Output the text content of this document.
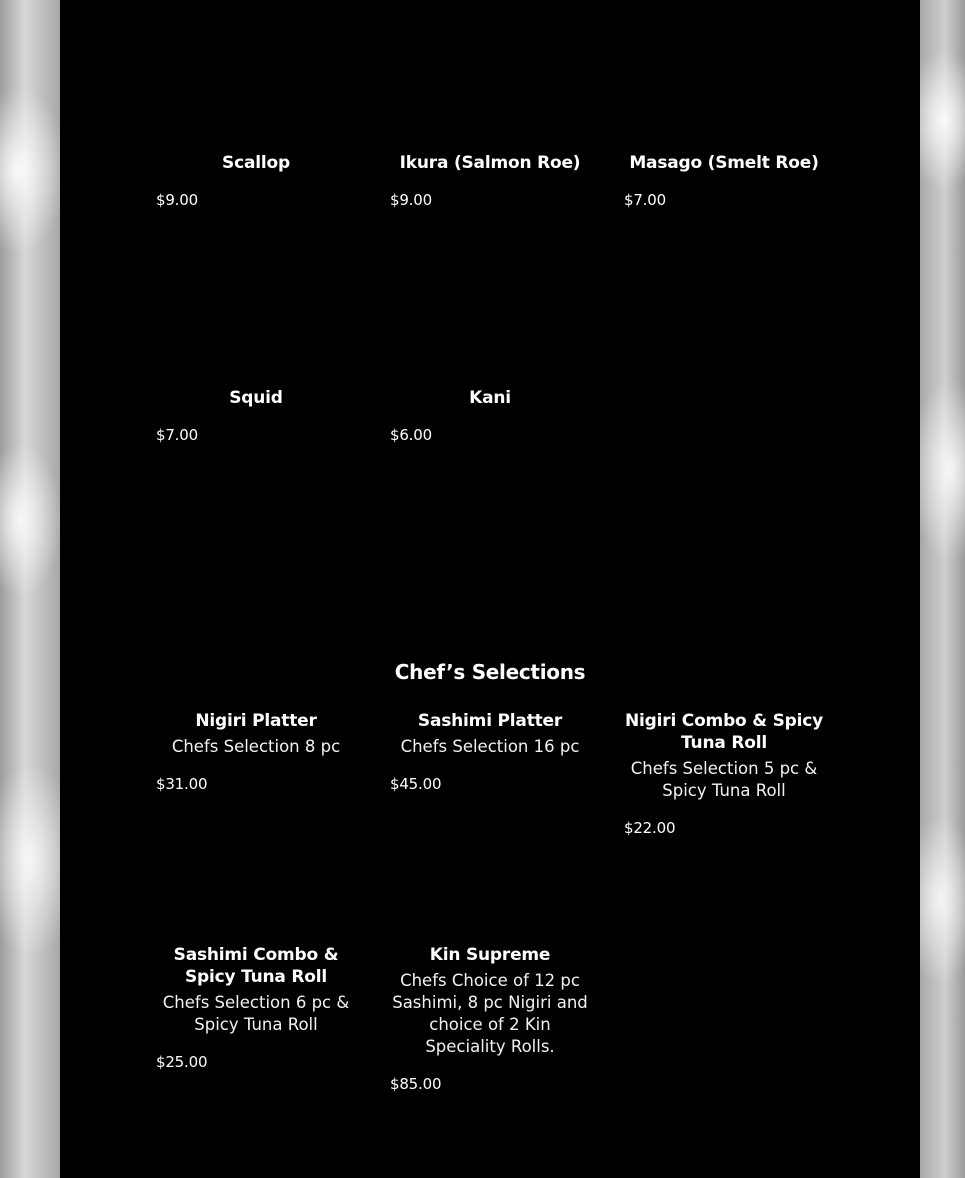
Scallop
$9.00
Ikura (Salmon Roe)
$9.00
Masago (Smelt Roe)
$7.00
Squid
$7.00
Kani
$6.00
Chef’s Selections
Nigiri Platter
Chefs Selection 8 pc
$31.00
Sashimi Platter
Chefs Selection 16 pc
$45.00
Nigiri Combo & Spicy Tuna Roll
Chefs Selection 5 pc & Spicy Tuna Roll
$22.00
Sashimi Combo & Spicy Tuna Roll
Chefs Selection 6 pc & Spicy Tuna Roll
$25.00
Kin Supreme
Chefs Choice of 12 pc Sashimi, 8 pc Nigiri and choice of 2 Kin Speciality Rolls.
$85.00
